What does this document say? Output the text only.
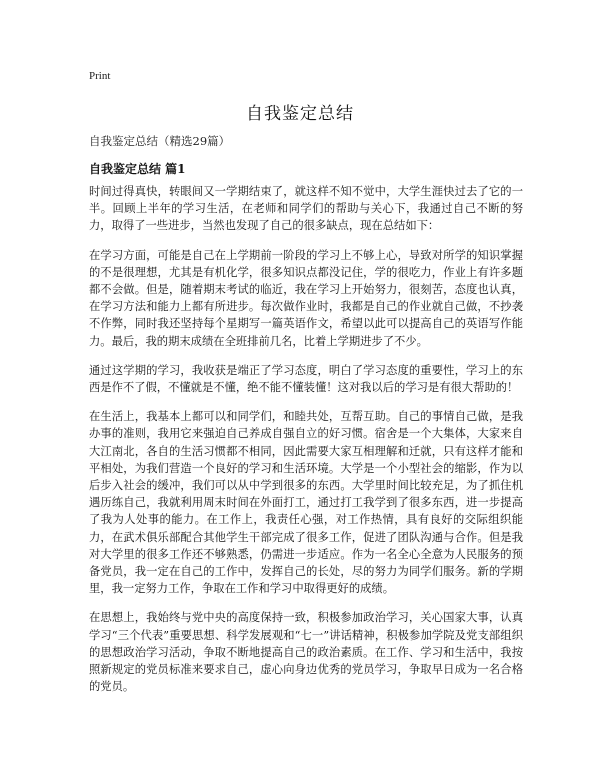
Print
自我鉴定总结
自我鉴定总结（精选29篇）
自我鉴定总结 篇1

时间过得真快，转眼间又一学期结束了，就这样不知不觉中，大学生涯快过去了它的一半。回顾上半年的学习生活，在老师和同学们的帮助与关心下，我通过自己不断的努力，取得了一些进步，当然也发现了自己的很多缺点，现在总结如下：

在学习方面，可能是自己在上学期前一阶段的学习上不够上心，导致对所学的知识掌握的不是很理想，尤其是有机化学，很多知识点都没记住，学的很吃力，作业上有许多题都不会做。但是，随着期末考试的临近，我在学习上开始努力，很刻苦，态度也认真，在学习方法和能力上都有所进步。每次做作业时，我都是自己的作业就自己做，不抄袭不作弊，同时我还坚持每个星期写一篇英语作文，希望以此可以提高自己的英语写作能力。最后，我的期末成绩在全班排前几名，比着上学期进步了不少。

通过这学期的学习，我收获是端正了学习态度，明白了学习态度的重要性，学习上的东西是作不了假，不懂就是不懂，绝不能不懂装懂！这对我以后的学习是有很大帮助的！

在生活上，我基本上都可以和同学们，和睦共处，互帮互助。自己的事情自己做，是我办事的准则，我用它来强迫自己养成自强自立的好习惯。宿舍是一个大集体，大家来自大江南北，各自的生活习惯都不相同，因此需要大家互相理解和迁就，只有这样才能和平相处，为我们营造一个良好的学习和生活环境。大学是一个小型社会的缩影，作为以后步入社会的缓冲，我们可以从中学到很多的东西。大学里时间比较充足，为了抓住机遇历练自己，我就利用周末时间在外面打工，通过打工我学到了很多东西，进一步提高了我为人处事的能力。在工作上，我责任心强，对工作热情，具有良好的交际组织能力，在武术俱乐部配合其他学生干部完成了很多工作，促进了团队沟通与合作。但是我对大学里的很多工作还不够熟悉，仍需进一步适应。作为一名全心全意为人民服务的预备党员，我一定在自己的工作中，发挥自己的长处，尽的努力为同学们服务。新的学期里，我一定努力工作，争取在工作和学习中取得更好的成绩。

在思想上，我始终与党中央的高度保持一致，积极参加政治学习，关心国家大事，认真学习“三个代表”重要思想、科学发展观和“七一”讲话精神，积极参加学院及党支部组织的思想政治学习活动，争取不断地提高自己的政治素质。在工作、学习和生活中，我按照新规定的党员标准来要求自己，虚心向身边优秀的党员学习，争取早日成为一名合格的党员。
